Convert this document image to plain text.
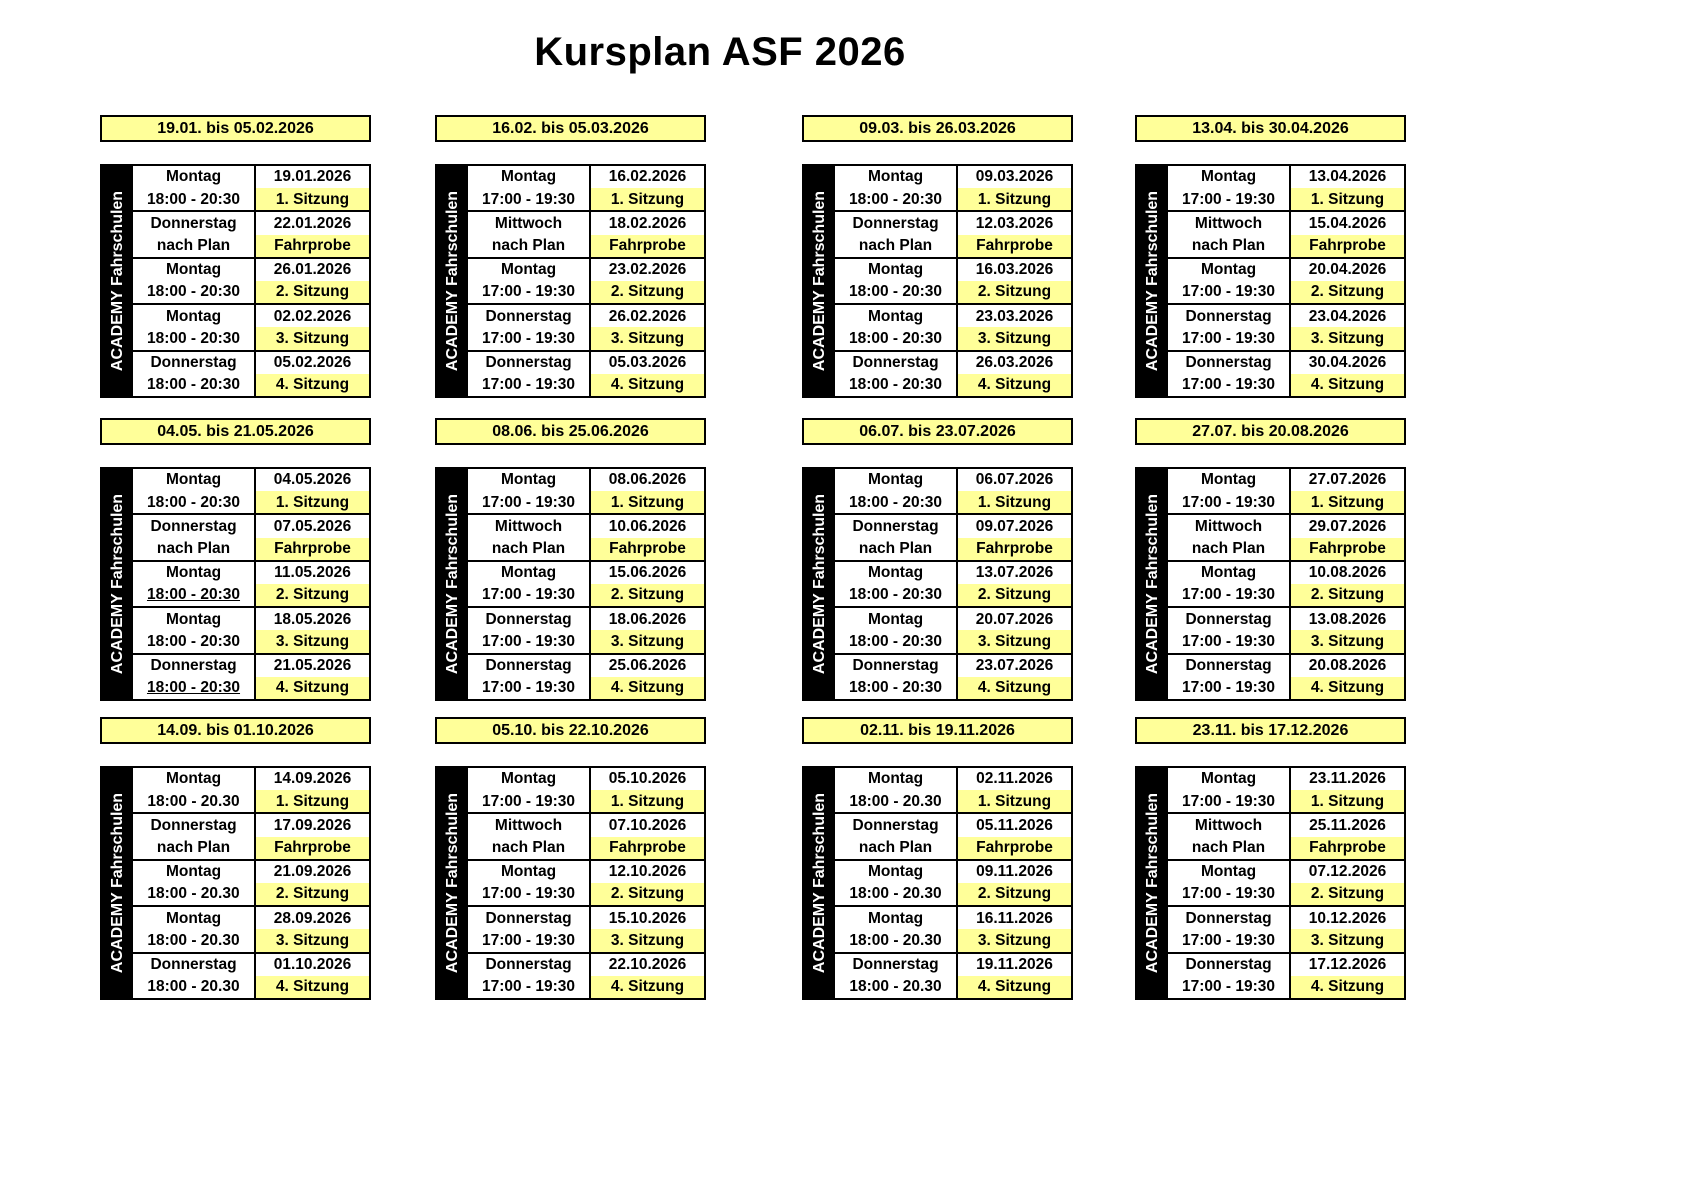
Kursplan ASF 2026
19.01. bis 05.02.2026
ACADEMY Fahrschulen
Montag
18:00 - 20:30
19.01.2026
1. Sitzung
Donnerstag
nach Plan
22.01.2026
Fahrprobe
Montag
18:00 - 20:30
26.01.2026
2. Sitzung
Montag
18:00 - 20:30
02.02.2026
3. Sitzung
Donnerstag
18:00 - 20:30
05.02.2026
4. Sitzung
16.02. bis 05.03.2026
ACADEMY Fahrschulen
Montag
17:00 - 19:30
16.02.2026
1. Sitzung
Mittwoch
nach Plan
18.02.2026
Fahrprobe
Montag
17:00 - 19:30
23.02.2026
2. Sitzung
Donnerstag
17:00 - 19:30
26.02.2026
3. Sitzung
Donnerstag
17:00 - 19:30
05.03.2026
4. Sitzung
09.03. bis 26.03.2026
ACADEMY Fahrschulen
Montag
18:00 - 20:30
09.03.2026
1. Sitzung
Donnerstag
nach Plan
12.03.2026
Fahrprobe
Montag
18:00 - 20:30
16.03.2026
2. Sitzung
Montag
18:00 - 20:30
23.03.2026
3. Sitzung
Donnerstag
18:00 - 20:30
26.03.2026
4. Sitzung
13.04. bis 30.04.2026
ACADEMY Fahrschulen
Montag
17:00 - 19:30
13.04.2026
1. Sitzung
Mittwoch
nach Plan
15.04.2026
Fahrprobe
Montag
17:00 - 19:30
20.04.2026
2. Sitzung
Donnerstag
17:00 - 19:30
23.04.2026
3. Sitzung
Donnerstag
17:00 - 19:30
30.04.2026
4. Sitzung
04.05. bis 21.05.2026
ACADEMY Fahrschulen
Montag
18:00 - 20:30
04.05.2026
1. Sitzung
Donnerstag
nach Plan
07.05.2026
Fahrprobe
Montag
18:00 - 20:30
11.05.2026
2. Sitzung
Montag
18:00 - 20:30
18.05.2026
3. Sitzung
Donnerstag
18:00 - 20:30
21.05.2026
4. Sitzung
08.06. bis 25.06.2026
ACADEMY Fahrschulen
Montag
17:00 - 19:30
08.06.2026
1. Sitzung
Mittwoch
nach Plan
10.06.2026
Fahrprobe
Montag
17:00 - 19:30
15.06.2026
2. Sitzung
Donnerstag
17:00 - 19:30
18.06.2026
3. Sitzung
Donnerstag
17:00 - 19:30
25.06.2026
4. Sitzung
06.07. bis 23.07.2026
ACADEMY Fahrschulen
Montag
18:00 - 20:30
06.07.2026
1. Sitzung
Donnerstag
nach Plan
09.07.2026
Fahrprobe
Montag
18:00 - 20:30
13.07.2026
2. Sitzung
Montag
18:00 - 20:30
20.07.2026
3. Sitzung
Donnerstag
18:00 - 20:30
23.07.2026
4. Sitzung
27.07. bis 20.08.2026
ACADEMY Fahrschulen
Montag
17:00 - 19:30
27.07.2026
1. Sitzung
Mittwoch
nach Plan
29.07.2026
Fahrprobe
Montag
17:00 - 19:30
10.08.2026
2. Sitzung
Donnerstag
17:00 - 19:30
13.08.2026
3. Sitzung
Donnerstag
17:00 - 19:30
20.08.2026
4. Sitzung
14.09. bis 01.10.2026
ACADEMY Fahrschulen
Montag
18:00 - 20.30
14.09.2026
1. Sitzung
Donnerstag
nach Plan
17.09.2026
Fahrprobe
Montag
18:00 - 20.30
21.09.2026
2. Sitzung
Montag
18:00 - 20.30
28.09.2026
3. Sitzung
Donnerstag
18:00 - 20.30
01.10.2026
4. Sitzung
05.10. bis 22.10.2026
ACADEMY Fahrschulen
Montag
17:00 - 19:30
05.10.2026
1. Sitzung
Mittwoch
nach Plan
07.10.2026
Fahrprobe
Montag
17:00 - 19:30
12.10.2026
2. Sitzung
Donnerstag
17:00 - 19:30
15.10.2026
3. Sitzung
Donnerstag
17:00 - 19:30
22.10.2026
4. Sitzung
02.11. bis 19.11.2026
ACADEMY Fahrschulen
Montag
18:00 - 20.30
02.11.2026
1. Sitzung
Donnerstag
nach Plan
05.11.2026
Fahrprobe
Montag
18:00 - 20.30
09.11.2026
2. Sitzung
Montag
18:00 - 20.30
16.11.2026
3. Sitzung
Donnerstag
18:00 - 20.30
19.11.2026
4. Sitzung
23.11. bis 17.12.2026
ACADEMY Fahrschulen
Montag
17:00 - 19:30
23.11.2026
1. Sitzung
Mittwoch
nach Plan
25.11.2026
Fahrprobe
Montag
17:00 - 19:30
07.12.2026
2. Sitzung
Donnerstag
17:00 - 19:30
10.12.2026
3. Sitzung
Donnerstag
17:00 - 19:30
17.12.2026
4. Sitzung
